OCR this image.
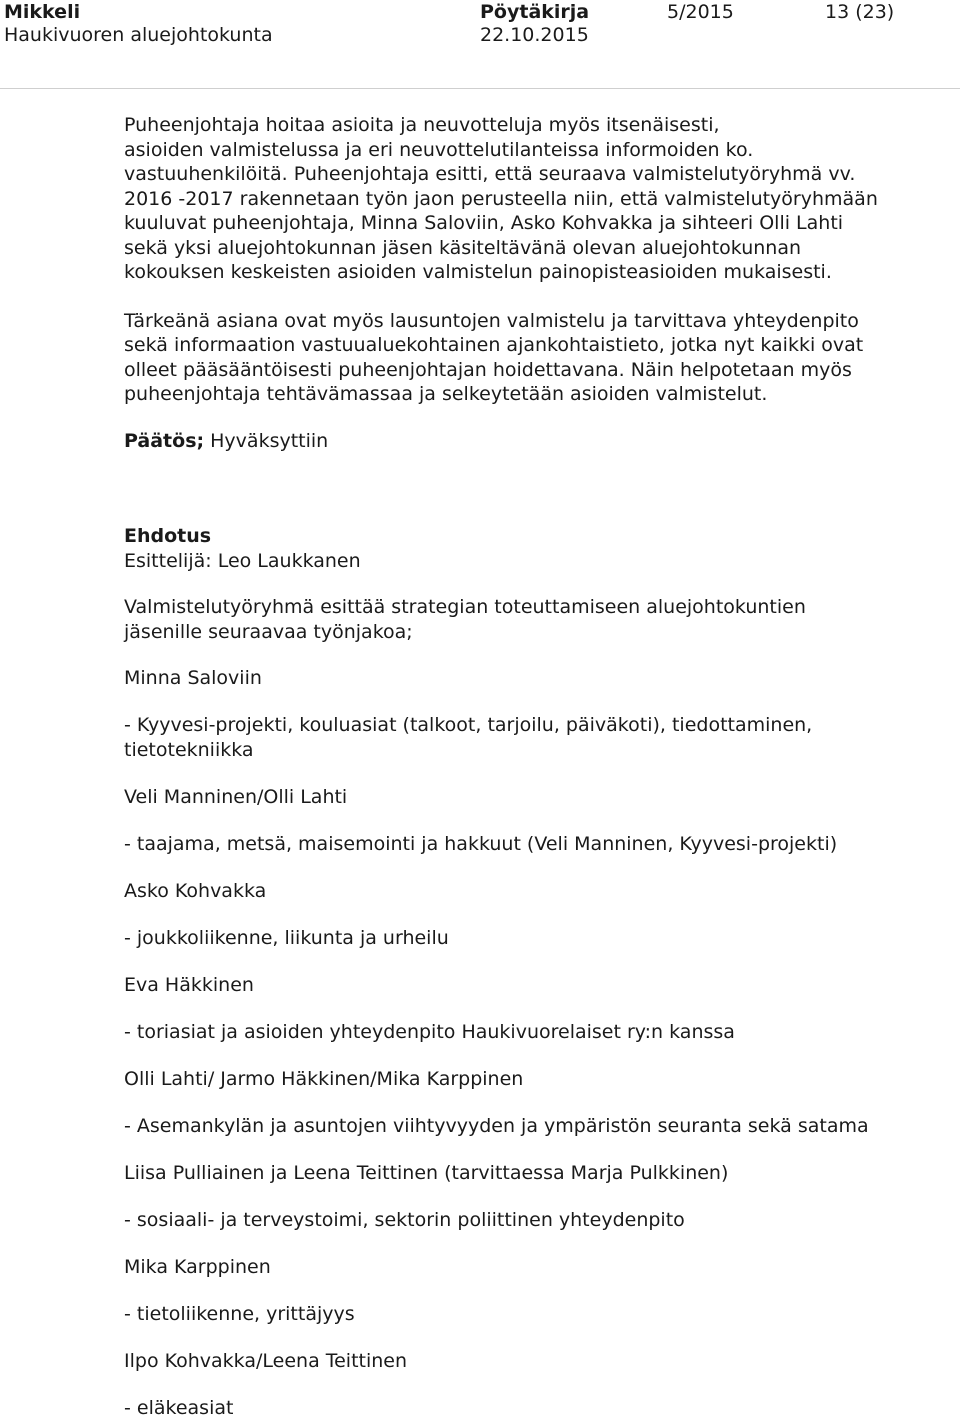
Mikkeli
Haukivuoren aluejohtokunta
Pöytäkirja
22.10.2015
5/2015	13 (23)

Puheenjohtaja hoitaa asioita ja neuvotteluja myös itsenäisesti,
asioiden valmistelussa ja eri neuvottelutilanteissa informoiden ko.
vastuuhenkilöitä. Puheenjohtaja esitti, että seuraava valmistelutyöryhmä vv.
2016 -2017 rakennetaan työn jaon perusteella niin, että valmistelutyöryhmään
kuuluvat puheenjohtaja, Minna Saloviin, Asko Kohvakka ja sihteeri Olli Lahti
sekä yksi aluejohtokunnan jäsen käsiteltävänä olevan aluejohtokunnan
kokouksen keskeisten asioiden valmistelun painopisteasioiden mukaisesti.

Tärkeänä asiana ovat myös lausuntojen valmistelu ja tarvittava yhteydenpito
sekä informaation vastuualuekohtainen ajankohtaistieto, jotka nyt kaikki ovat
olleet pääsääntöisesti puheenjohtajan hoidettavana. Näin helpotetaan myös
puheenjohtaja tehtävämassaa ja selkeytetään asioiden valmistelut.

Päätös; Hyväksyttiin

Ehdotus
Esittelijä: Leo Laukkanen

Valmistelutyöryhmä esittää strategian toteuttamiseen aluejohtokuntien
jäsenille seuraavaa työnjakoa;

Minna Saloviin

- Kyyvesi-projekti, kouluasiat (talkoot, tarjoilu, päiväkoti), tiedottaminen,
tietotekniikka

Veli Manninen/Olli Lahti

- taajama, metsä, maisemointi ja hakkuut (Veli Manninen, Kyyvesi-projekti)

Asko Kohvakka

- joukkoliikenne, liikunta ja urheilu

Eva Häkkinen

- toriasiat ja asioiden yhteydenpito Haukivuorelaiset ry:n kanssa

Olli Lahti/ Jarmo Häkkinen/Mika Karppinen

- Asemankylän ja asuntojen viihtyvyyden ja ympäristön seuranta sekä satama

Liisa Pulliainen ja Leena Teittinen (tarvittaessa Marja Pulkkinen)

- sosiaali- ja terveystoimi, sektorin poliittinen yhteydenpito

Mika Karppinen

- tietoliikenne, yrittäjyys

Ilpo Kohvakka/Leena Teittinen

- eläkeasiat
